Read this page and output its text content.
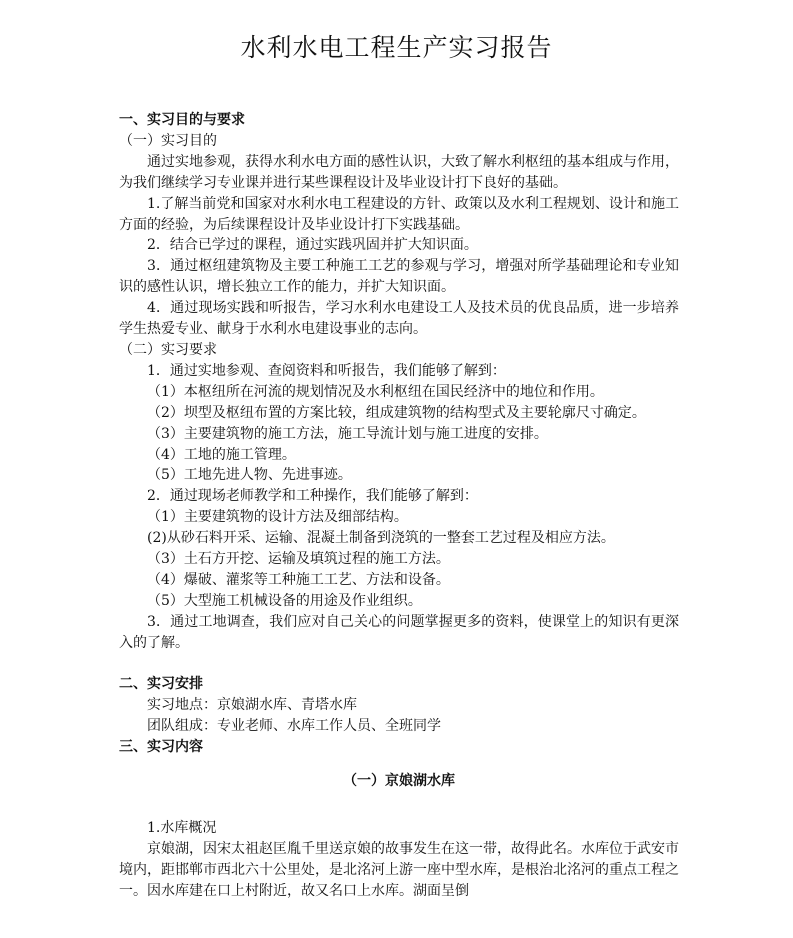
水利水电工程生产实习报告

一、实习目的与要求

（一）实习目的

通过实地参观，获得水利水电方面的感性认识，大致了解水利枢纽的基本组成与作用，为我们继续学习专业课并进行某些课程设计及毕业设计打下良好的基础。

1.了解当前党和国家对水利水电工程建设的方针、政策以及水利工程规划、设计和施工方面的经验，为后续课程设计及毕业设计打下实践基础。

2．结合已学过的课程，通过实践巩固并扩大知识面。

3．通过枢纽建筑物及主要工种施工工艺的参观与学习，增强对所学基础理论和专业知识的感性认识，增长独立工作的能力，并扩大知识面。

4．通过现场实践和听报告，学习水利水电建设工人及技术员的优良品质，进一步培养学生热爱专业、献身于水利水电建设事业的志向。

（二）实习要求

1．通过实地参观、查阅资料和听报告，我们能够了解到：

（1）本枢纽所在河流的规划情况及水利枢纽在国民经济中的地位和作用。

（2）坝型及枢纽布置的方案比较，组成建筑物的结构型式及主要轮廓尺寸确定。

（3）主要建筑物的施工方法，施工导流计划与施工进度的安排。

（4）工地的施工管理。

（5）工地先进人物、先进事迹。

2．通过现场老师教学和工种操作，我们能够了解到：

（1）主要建筑物的设计方法及细部结构。

(2)从砂石料开采、运输、混凝土制备到浇筑的一整套工艺过程及相应方法。

（3）土石方开挖、运输及填筑过程的施工方法。

（4）爆破、灌浆等工种施工工艺、方法和设备。

（5）大型施工机械设备的用途及作业组织。

3．通过工地调查，我们应对自己关心的问题掌握更多的资料，使课堂上的知识有更深入的了解。

二、实习安排

实习地点：京娘湖水库、青塔水库

团队组成：专业老师、水库工作人员、全班同学

三、实习内容

（一）京娘湖水库

1.水库概况

京娘湖，因宋太祖赵匡胤千里送京娘的故事发生在这一带，故得此名。水库位于武安市境内，距邯郸市西北六十公里处，是北洺河上游一座中型水库，是根治北洺河的重点工程之一。因水库建在口上村附近，故又名口上水库。湖面呈倒
